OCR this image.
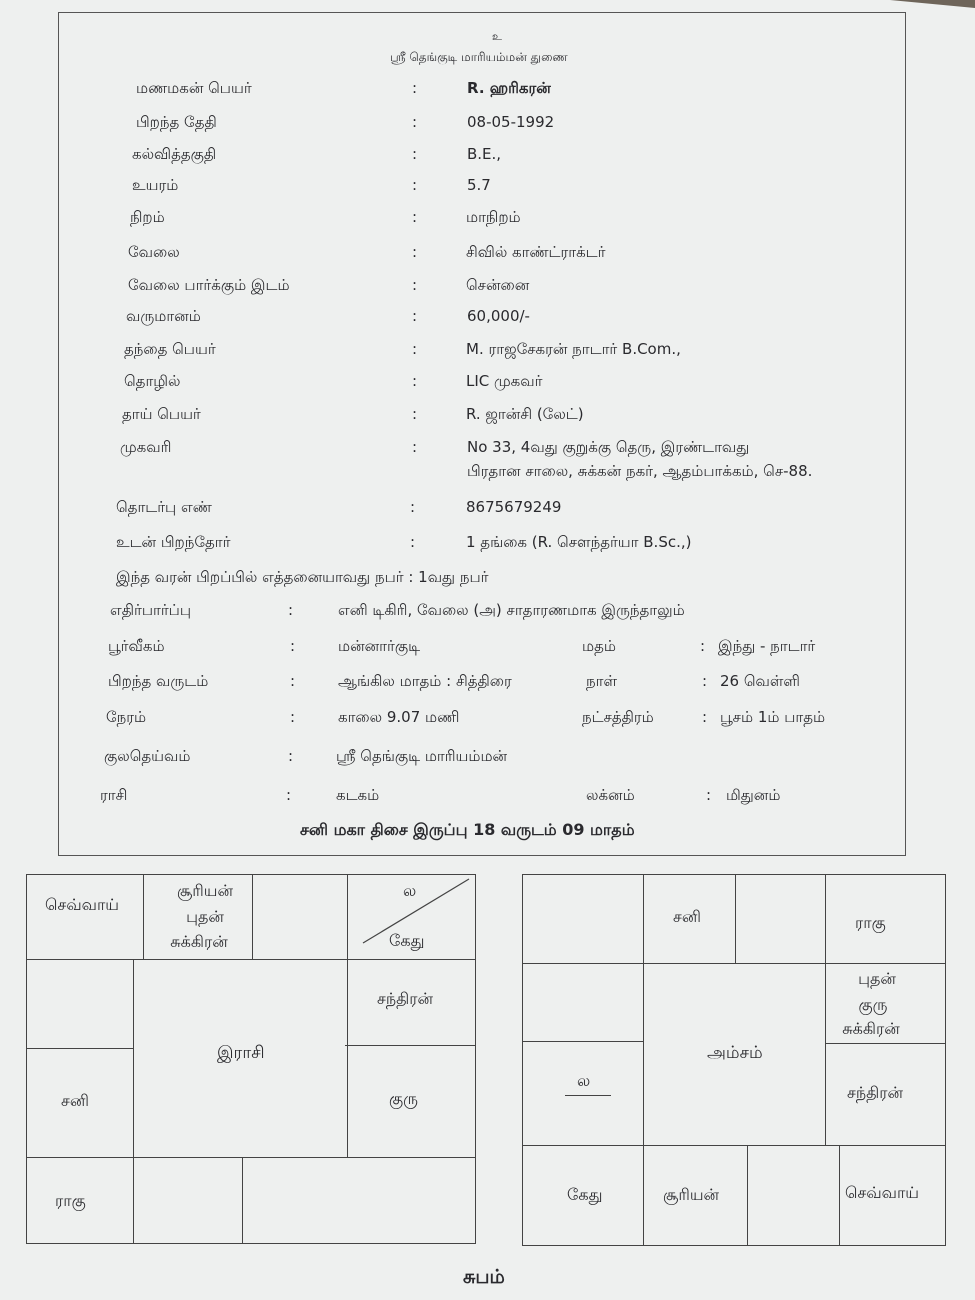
உ
ஸ்ரீ தெங்குடி மாரியம்மன் துணை
மணமகன் பெயர்	:	R. ஹரிகரன்
பிறந்த தேதி	:	08-05-1992
கல்வித்தகுதி	:	B.E.,
உயரம்	:	5.7
நிறம்	:	மாநிறம்
வேலை	:	சிவில் காண்ட்ராக்டர்
வேலை பார்க்கும் இடம்	:	சென்னை
வருமானம்	:	60,000/-
தந்தை பெயர்	:	M. ராஜசேகரன் நாடார் B.Com.,
தொழில்	:	LIC முகவர்
தாய் பெயர்	:	R. ஜான்சி (லேட்)
முகவரி	:	No 33, 4வது குறுக்கு தெரு, இரண்டாவது
பிரதான சாலை, சுக்கன் நகர், ஆதம்பாக்கம், செ-88.
தொடர்பு எண்	:	8675679249
உடன் பிறந்தோர்	:	1 தங்கை (R. சௌந்தர்யா B.Sc.,)
இந்த வரன் பிறப்பில் எத்தனையாவது நபர் : 1வது நபர்
எதிர்பார்ப்பு	:	எனி டிகிரி, வேலை (அ) சாதாரணமாக இருந்தாலும்
பூர்வீகம்	:	மன்னார்குடி	மதம்	: இந்து - நாடார்
பிறந்த வருடம்	:	ஆங்கில மாதம் : சித்திரை	நாள்	: 26 வெள்ளி
நேரம்	:	காலை 9.07 மணி	நட்சத்திரம்	: பூசம் 1ம் பாதம்
குலதெய்வம்	:	ஸ்ரீ தெங்குடி மாரியம்மன்
ராசி	:	கடகம்	லக்னம்	: மிதுனம்
சனி மகா திசை இருப்பு 18 வருடம் 09 மாதம்
செவ்வாய்
சூரியன்
புதன்
சுக்கிரன்
ல
கேது
இராசி
சந்திரன்
குரு
சனி
ராகு
சனி	ராகு
புதன்
குரு
சுக்கிரன்
அம்சம்
சந்திரன்
ல
கேது	சூரியன்	செவ்வாய்
சுபம்
